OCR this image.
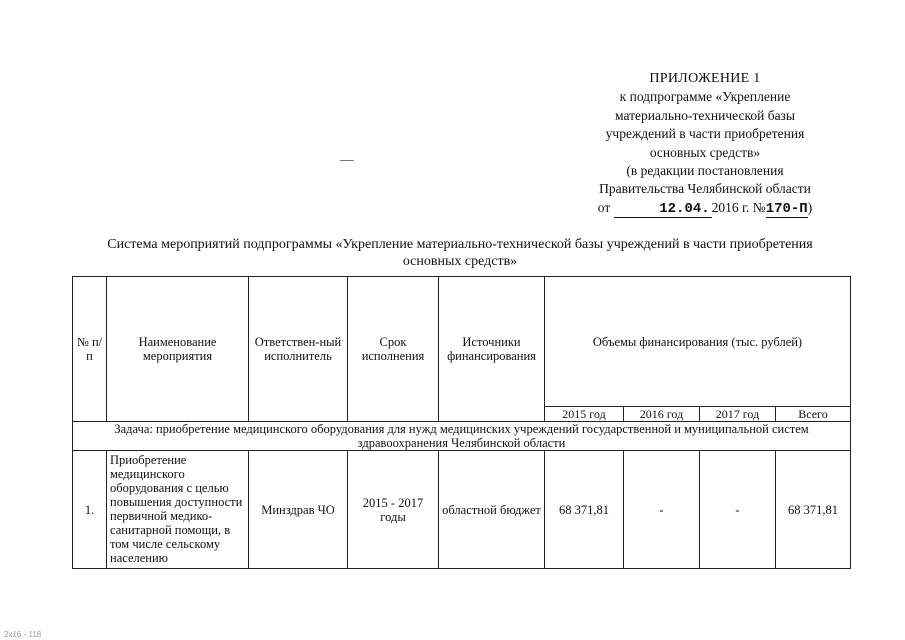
ПРИЛОЖЕНИЕ 1
к подпрограмме «Укрепление
материально-технической базы
учреждений в части приобретения
основных средств»
(в редакции постановления
Правительства Челябинской области
от	12.04. 2016 г. №170-П)
Система мероприятий подпрограммы «Укрепление материально-технической базы учреждений в части приобретения
основных средств»
№ п/п	Наименование мероприятия	Ответствен-ный исполнитель	Срок исполнения	Источники финансирования	Объемы финансирования (тыс. рублей)			
					2015 год	2016 год	2017 год	Всего
Задача: приобретение медицинского оборудования для нужд медицинских учреждений государственной и муниципальной систем здравоохранения Челябинской области								
1.	Приобретение медицинского оборудования с целью повышения доступности первичной медико-санитарной помощи, в том числе сельскому населению	Минздрав ЧО	2015 - 2017 годы	областной бюджет	68 371,81	-	-	68 371,81
2x16 - 118
